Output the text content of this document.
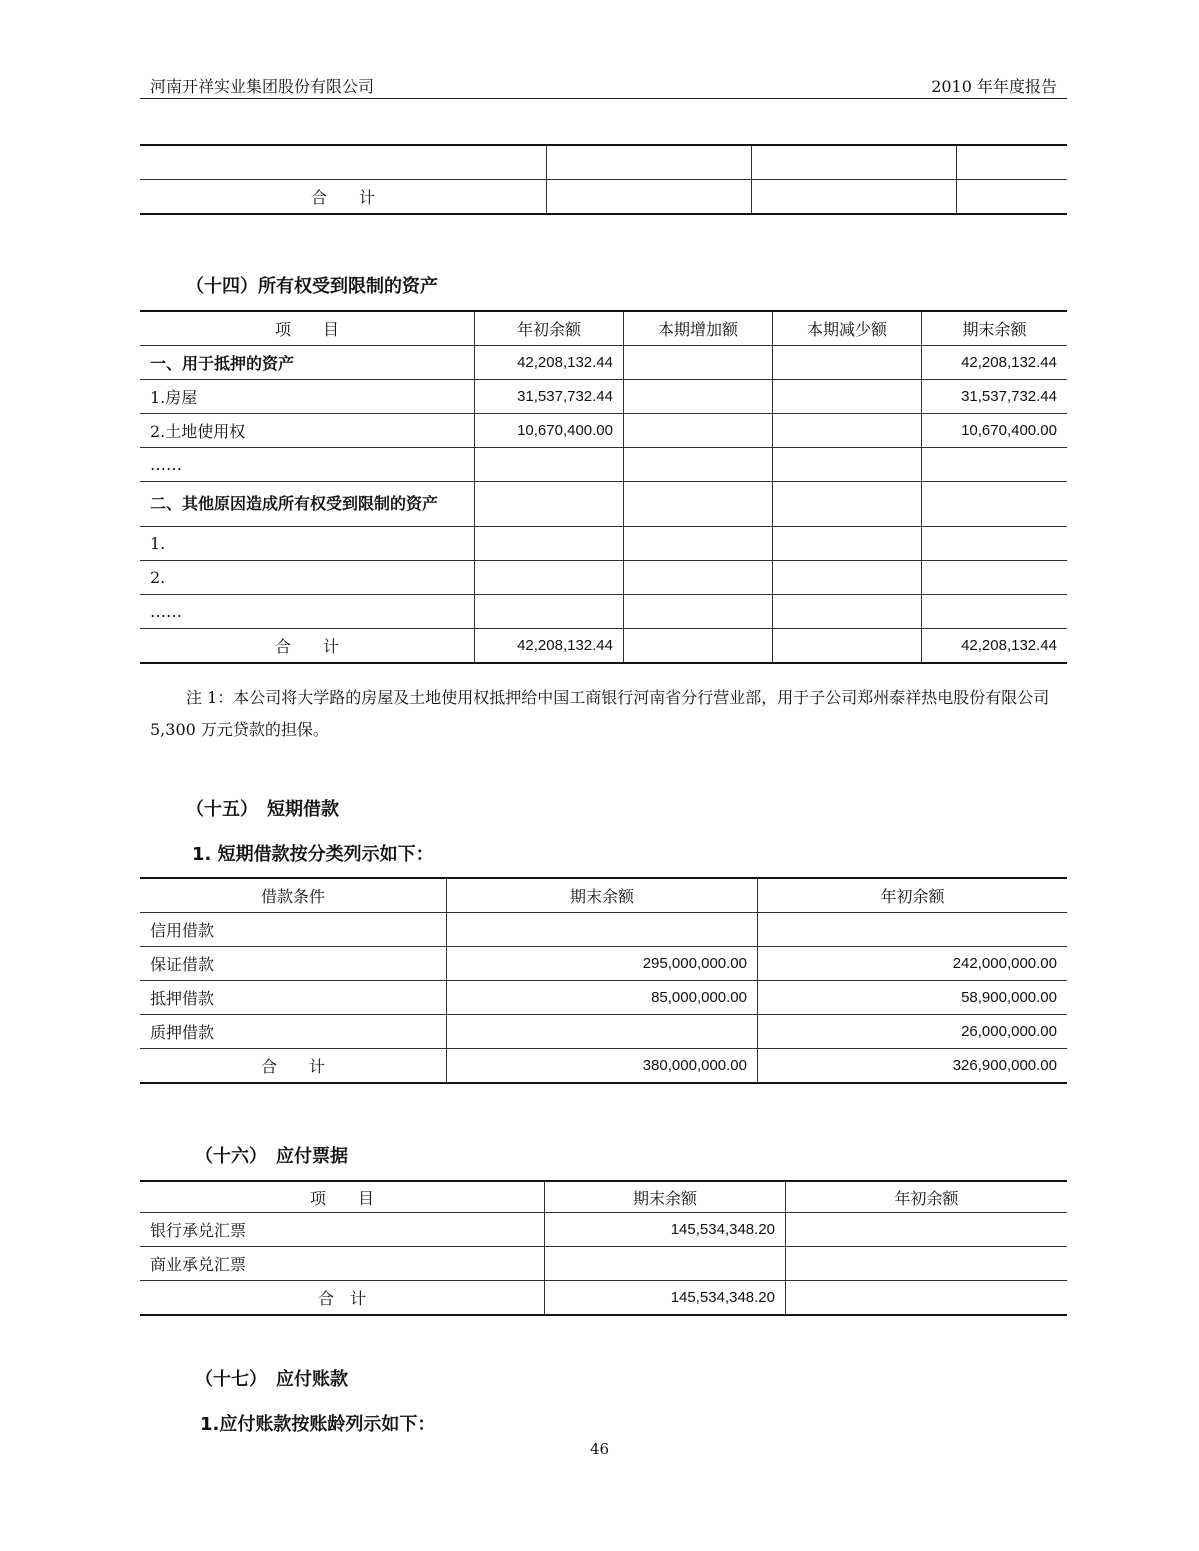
河南开祥实业集团股份有限公司	2010 年年度报告

合　　计			
（十四）所有权受到限制的资产
项　　目	年初余额	本期增加额	本期减少额	期末余额
一、用于抵押的资产	42,208,132.44			42,208,132.44
1.房屋	31,537,732.44			31,537,732.44
2.土地使用权	10,670,400.00			10,670,400.00
……				
二、其他原因造成所有权受到限制的资产				
1.				
2.				
……				
合　　计	42,208,132.44			42,208,132.44

注 1：本公司将大学路的房屋及土地使用权抵押给中国工商银行河南省分行营业部，用于子公司郑州泰祥热电股份有限公司 5,300 万元贷款的担保。

（十五）　短期借款
1. 短期借款按分类列示如下：
借款条件	期末余额	年初余额
信用借款		
保证借款	295,000,000.00	242,000,000.00
抵押借款	85,000,000.00	58,900,000.00
质押借款		26,000,000.00
合　　计	380,000,000.00	326,900,000.00
（十六）　应付票据
项　　目	期末余额	年初余额
银行承兑汇票	145,534,348.20	
商业承兑汇票		
合　计	145,534,348.20	
（十七）　应付账款
1.应付账款按账龄列示如下：
46
